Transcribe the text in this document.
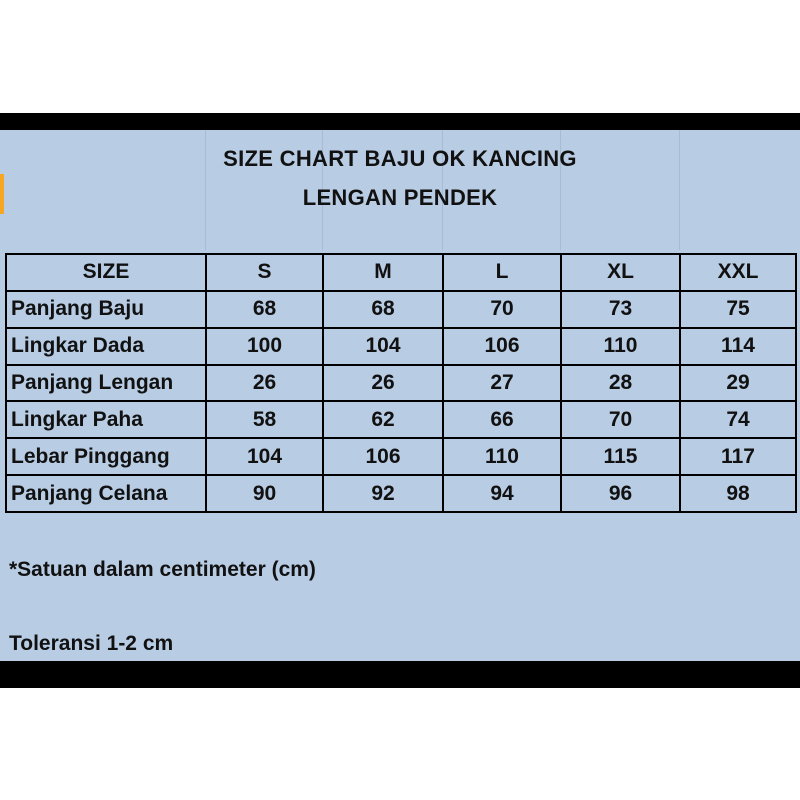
SIZE CHART BAJU OK KANCING
LENGAN PENDEK
SIZE	S	M	L	XL	XXL
Panjang Baju	68	68	70	73	75
Lingkar Dada	100	104	106	110	114
Panjang Lengan	26	26	27	28	29
Lingkar Paha	58	62	66	70	74
Lebar Pinggang	104	106	110	115	117
Panjang Celana	90	92	94	96	98
*Satuan dalam centimeter (cm)
Toleransi 1-2 cm
